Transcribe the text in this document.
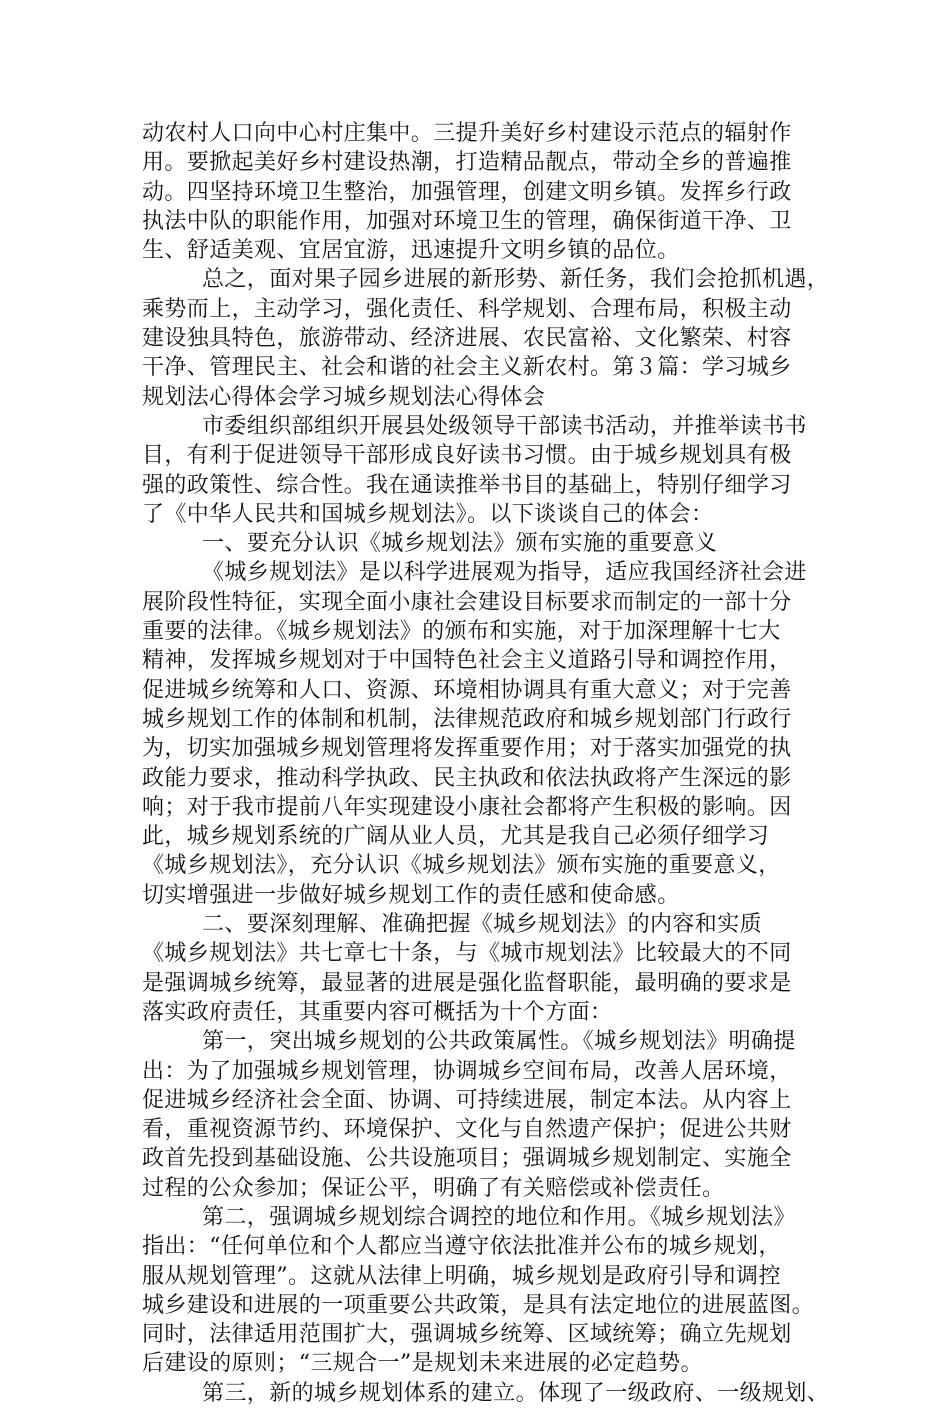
动农村人口向中心村庄集中。三提升美好乡村建设示范点的辐射作
用。要掀起美好乡村建设热潮，打造精品靓点，带动全乡的普遍推
动。四坚持环境卫生整治，加强管理，创建文明乡镇。发挥乡行政
执法中队的职能作用，加强对环境卫生的管理，确保街道干净、卫
生、舒适美观、宜居宜游，迅速提升文明乡镇的品位。
总之，面对果子园乡进展的新形势、新任务，我们会抢抓机遇，
乘势而上，主动学习，强化责任、科学规划、合理布局，积极主动
建设独具特色，旅游带动、经济进展、农民富裕、文化繁荣、村容
干净、管理民主、社会和谐的社会主义新农村。第３篇：学习城乡
规划法心得体会学习城乡规划法心得体会
市委组织部组织开展县处级领导干部读书活动，并推举读书书
目，有利于促进领导干部形成良好读书习惯。由于城乡规划具有极
强的政策性、综合性。我在通读推举书目的基础上，特别仔细学习
了《中华人民共和国城乡规划法》。以下谈谈自己的体会：
一、要充分认识《城乡规划法》颁布实施的重要意义
《城乡规划法》是以科学进展观为指导，适应我国经济社会进
展阶段性特征，实现全面小康社会建设目标要求而制定的一部十分
重要的法律。《城乡规划法》的颁布和实施，对于加深理解十七大
精神，发挥城乡规划对于中国特色社会主义道路引导和调控作用，
促进城乡统筹和人口、资源、环境相协调具有重大意义；对于完善
城乡规划工作的体制和机制，法律规范政府和城乡规划部门行政行
为，切实加强城乡规划管理将发挥重要作用；对于落实加强党的执
政能力要求，推动科学执政、民主执政和依法执政将产生深远的影
响；对于我市提前八年实现建设小康社会都将产生积极的影响。因
此，城乡规划系统的广阔从业人员，尤其是我自己必须仔细学习
《城乡规划法》，充分认识《城乡规划法》颁布实施的重要意义，
切实增强进一步做好城乡规划工作的责任感和使命感。
二、要深刻理解、准确把握《城乡规划法》的内容和实质
《城乡规划法》共七章七十条，与《城市规划法》比较最大的不同
是强调城乡统筹，最显著的进展是强化监督职能，最明确的要求是
落实政府责任，其重要内容可概括为十个方面：
第一，突出城乡规划的公共政策属性。《城乡规划法》明确提
出：为了加强城乡规划管理，协调城乡空间布局，改善人居环境，
促进城乡经济社会全面、协调、可持续进展，制定本法。从内容上
看，重视资源节约、环境保护、文化与自然遗产保护；促进公共财
政首先投到基础设施、公共设施项目；强调城乡规划制定、实施全
过程的公众参加；保证公平，明确了有关赔偿或补偿责任。
第二，强调城乡规划综合调控的地位和作用。《城乡规划法》
指出：“任何单位和个人都应当遵守依法批准并公布的城乡规划，
服从规划管理”。这就从法律上明确，城乡规划是政府引导和调控
城乡建设和进展的一项重要公共政策，是具有法定地位的进展蓝图。
同时，法律适用范围扩大，强调城乡统筹、区域统筹；确立先规划
后建设的原则；“三规合一”是规划未来进展的必定趋势。
第三，新的城乡规划体系的建立。体现了一级政府、一级规划、
